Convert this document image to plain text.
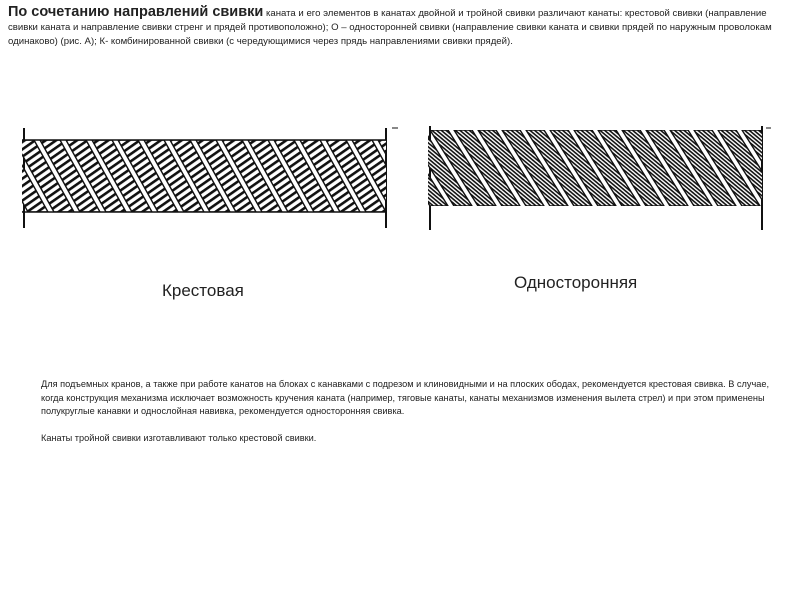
По сочетанию направлений свивки каната и его элементов в канатах двойной и тройной свивки различают канаты: крестовой свивки (направление свивки каната и направление свивки стренг и прядей противоположно); О – односторонней свивки (направление свивки каната и свивки прядей по наружным проволокам одинаково) (рис. А); К- комбинированной свивки (с чередующимися через прядь направлениями свивки прядей).
Крестовая	Односторонняя

Для подъемных кранов, а также при работе канатов на блоках с канавками с подрезом и клиновидными и на плоских ободах, рекомендуется крестовая свивка. В случае, когда конструкция механизма исключает возможность кручения каната (например, тяговые канаты, канаты механизмов изменения вылета стрел) и при этом применены полукруглые канавки и однослойная навивка, рекомендуется односторонняя свивка.

Канаты тройной свивки изготавливают только крестовой свивки.
